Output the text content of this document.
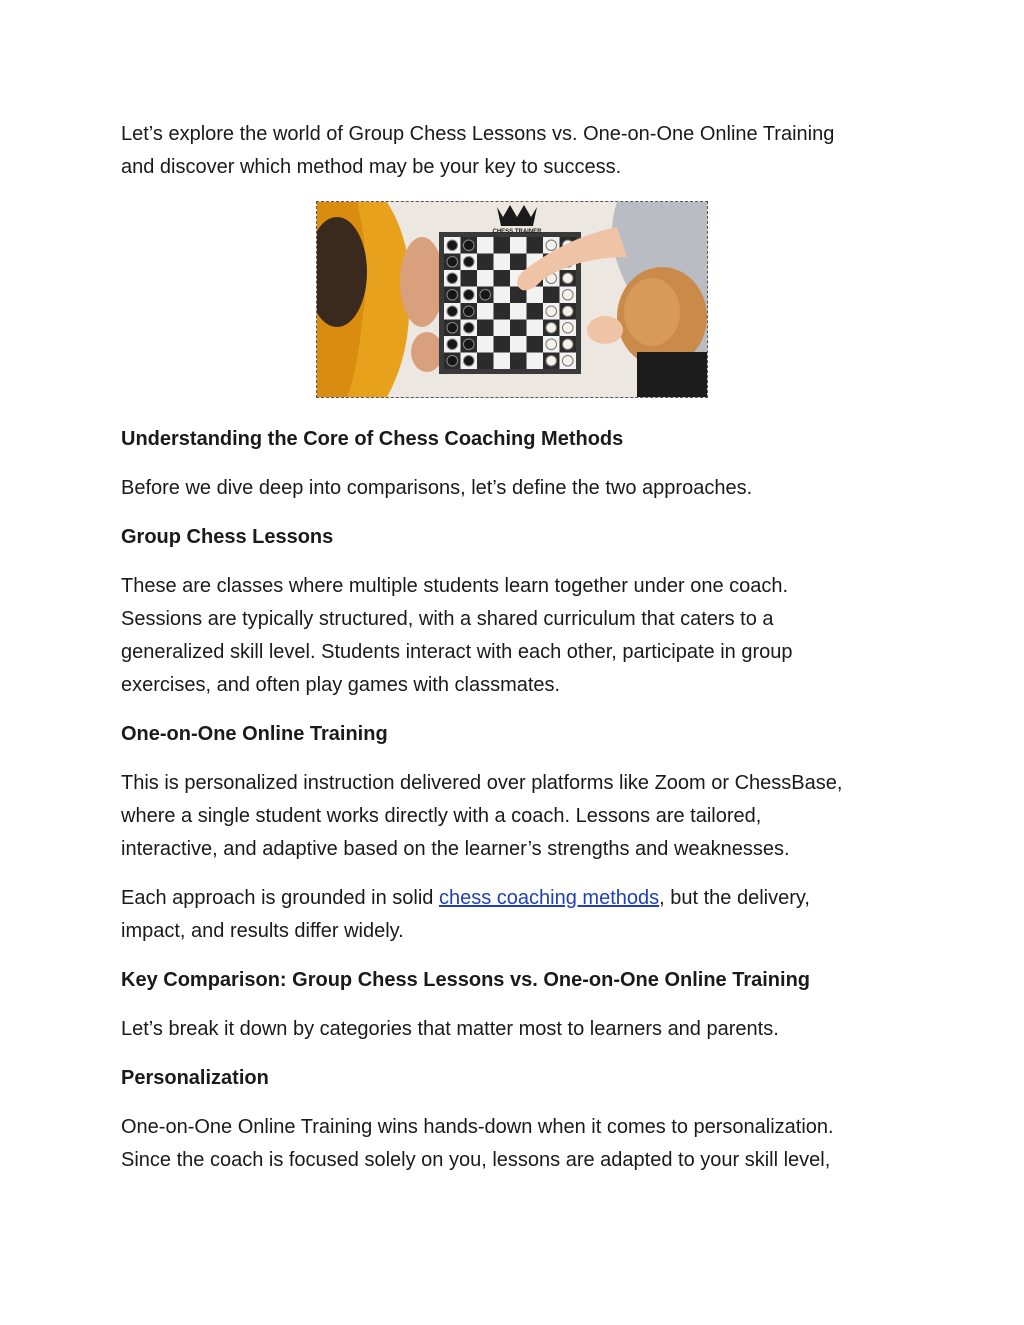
Let’s explore the world of Group Chess Lessons vs. One-on-One Online Training

and discover which method may be your key to success.

CHESS TRAINER

Understanding the Core of Chess Coaching Methods

Before we dive deep into comparisons, let’s define the two approaches.

Group Chess Lessons

These are classes where multiple students learn together under one coach.

Sessions are typically structured, with a shared curriculum that caters to a

generalized skill level. Students interact with each other, participate in group

exercises, and often play games with classmates.

One-on-One Online Training

This is personalized instruction delivered over platforms like Zoom or ChessBase,

where a single student works directly with a coach. Lessons are tailored,

interactive, and adaptive based on the learner’s strengths and weaknesses.

Each approach is grounded in solid chess coaching methods, but the delivery,

impact, and results differ widely.

Key Comparison: Group Chess Lessons vs. One-on-One Online Training

Let’s break it down by categories that matter most to learners and parents.

Personalization

One-on-One Online Training wins hands-down when it comes to personalization.

Since the coach is focused solely on you, lessons are adapted to your skill level,
